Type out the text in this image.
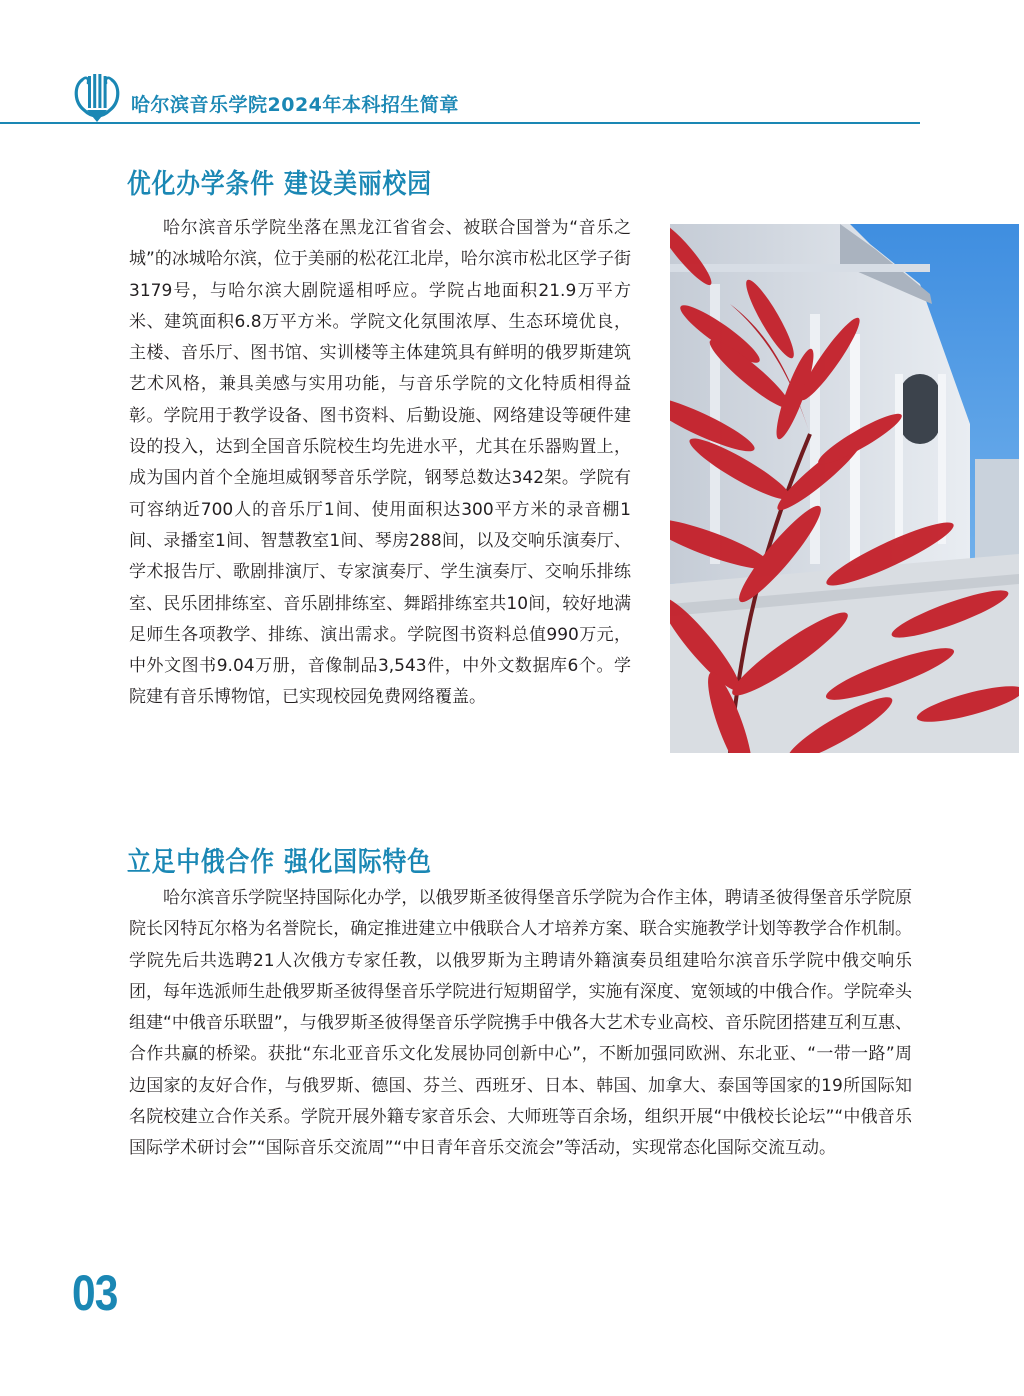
哈尔滨音乐学院2024年本科招生简章
优化办学条件 建设美丽校园

哈尔滨音乐学院坐落在黑龙江省省会、被联合国誉为“音乐之城”的冰城哈尔滨，位于美丽的松花江北岸，哈尔滨市松北区学子街3179号，与哈尔滨大剧院遥相呼应。学院占地面积21.9万平方米、建筑面积6.8万平方米。学院文化氛围浓厚、生态环境优良，主楼、音乐厅、图书馆、实训楼等主体建筑具有鲜明的俄罗斯建筑艺术风格，兼具美感与实用功能，与音乐学院的文化特质相得益彰。学院用于教学设备、图书资料、后勤设施、网络建设等硬件建设的投入，达到全国音乐院校生均先进水平，尤其在乐器购置上，成为国内首个全施坦威钢琴音乐学院，钢琴总数达342架。学院有可容纳近700人的音乐厅1间、使用面积达300平方米的录音棚1间、录播室1间、智慧教室1间、琴房288间，以及交响乐演奏厅、学术报告厅、歌剧排演厅、专家演奏厅、学生演奏厅、交响乐排练室、民乐团排练室、音乐剧排练室、舞蹈排练室共10间，较好地满足师生各项教学、排练、演出需求。学院图书资料总值990万元，中外文图书9.04万册，音像制品3,543件，中外文数据库6个。学院建有音乐博物馆，已实现校园免费网络覆盖。

立足中俄合作 强化国际特色

哈尔滨音乐学院坚持国际化办学，以俄罗斯圣彼得堡音乐学院为合作主体，聘请圣彼得堡音乐学院原院长冈特瓦尔格为名誉院长，确定推进建立中俄联合人才培养方案、联合实施教学计划等教学合作机制。学院先后共选聘21人次俄方专家任教，以俄罗斯为主聘请外籍演奏员组建哈尔滨音乐学院中俄交响乐团，每年选派师生赴俄罗斯圣彼得堡音乐学院进行短期留学，实施有深度、宽领域的中俄合作。学院牵头组建“中俄音乐联盟”，与俄罗斯圣彼得堡音乐学院携手中俄各大艺术专业高校、音乐院团搭建互利互惠、合作共赢的桥梁。获批“东北亚音乐文化发展协同创新中心”，不断加强同欧洲、东北亚、“一带一路”周边国家的友好合作，与俄罗斯、德国、芬兰、西班牙、日本、韩国、加拿大、泰国等国家的19所国际知名院校建立合作关系。学院开展外籍专家音乐会、大师班等百余场，组织开展“中俄校长论坛”“中俄音乐国际学术研讨会”“国际音乐交流周”“中日青年音乐交流会”等活动，实现常态化国际交流互动。

03
